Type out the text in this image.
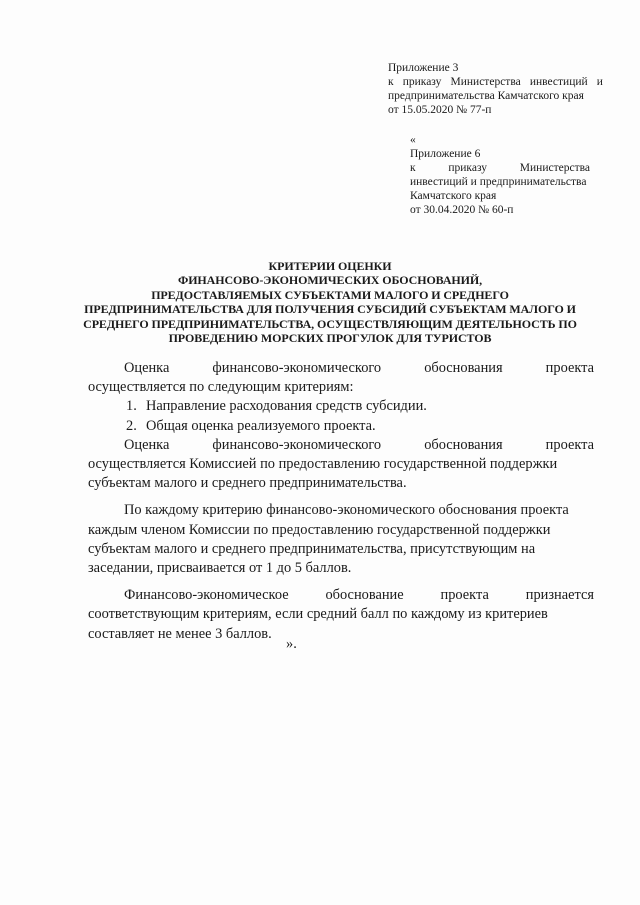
Приложение 3
к приказу Министерства инвестиций и
предпринимательства Камчатского края
от 15.05.2020 № 77-п
«
Приложение 6
к	приказу	Министерства
инвестиций и предпринимательства
Камчатского края
от 30.04.2020 № 60-п
КРИТЕРИИ ОЦЕНКИ
ФИНАНСОВО-ЭКОНОМИЧЕСКИХ ОБОСНОВАНИЙ,
ПРЕДОСТАВЛЯЕМЫХ СУБЪЕКТАМИ МАЛОГО И СРЕДНЕГО
ПРЕДПРИНИМАТЕЛЬСТВА ДЛЯ ПОЛУЧЕНИЯ СУБСИДИЙ СУБЪЕКТАМ МАЛОГО И
СРЕДНЕГО ПРЕДПРИНИМАТЕЛЬСТВА, ОСУЩЕСТВЛЯЮЩИМ ДЕЯТЕЛЬНОСТЬ ПО
ПРОВЕДЕНИЮ МОРСКИХ ПРОГУЛОК ДЛЯ ТУРИСТОВ
Оценка	финансово-экономического	обоснования	проекта
осуществляется по следующим критериям:
1. Направление расходования средств субсидии.
2. Общая оценка реализуемого проекта.
Оценка	финансово-экономического	обоснования	проекта
осуществляется Комиссией по предоставлению государственной поддержки
субъектам малого и среднего предпринимательства.
По каждому критерию финансово-экономического обоснования проекта
каждым членом Комиссии по предоставлению государственной поддержки
субъектам малого и среднего предпринимательства, присутствующим на
заседании, присваивается от 1 до 5 баллов.
Финансово-экономическое	обоснование	проекта	признается
соответствующим критериям, если средний балл по каждому из критериев
составляет не менее 3 баллов.
».
